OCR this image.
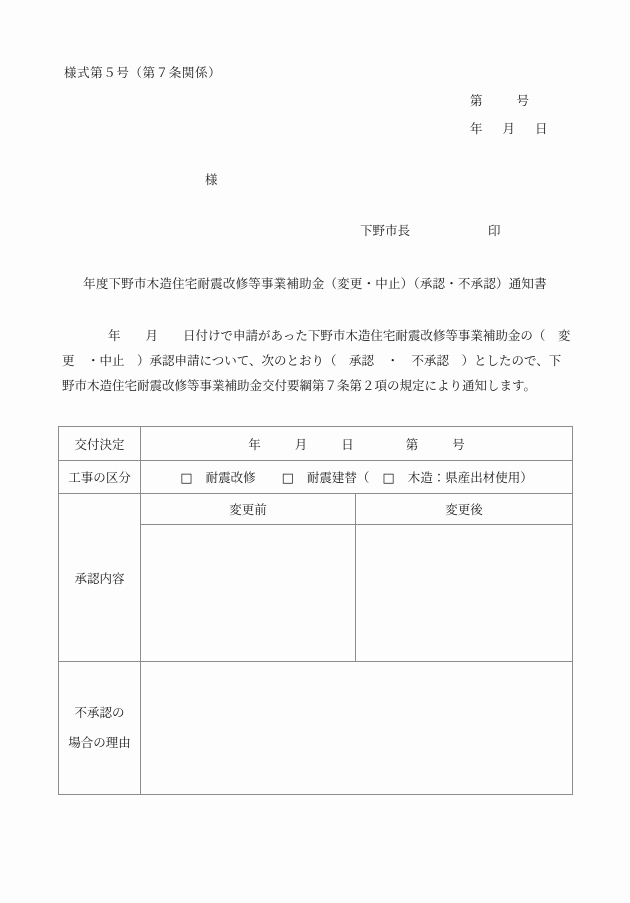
様式第５号（第７条関係）
第	号
年 月 日
様
下野市長	印
年度下野市木造住宅耐震改修等事業補助金（変更・中止）（承認・不承認）通知書
年　　月　　日付けで申請があった下野市木造住宅耐震改修等事業補助金の（　変
更　・中止　）承認申請について、次のとおり（　承認　・　不承認　）としたので、下
野市木造住宅耐震改修等事業補助金交付要綱第７条第２項の規定により通知します。
交付決定	年 月 日 第 号	
工事の区分	□ 耐震改修 □ 耐震建替（ □ 木造：県産出材使用）	
承認内容	変更前	変更後

不承認の
場合の理由		
